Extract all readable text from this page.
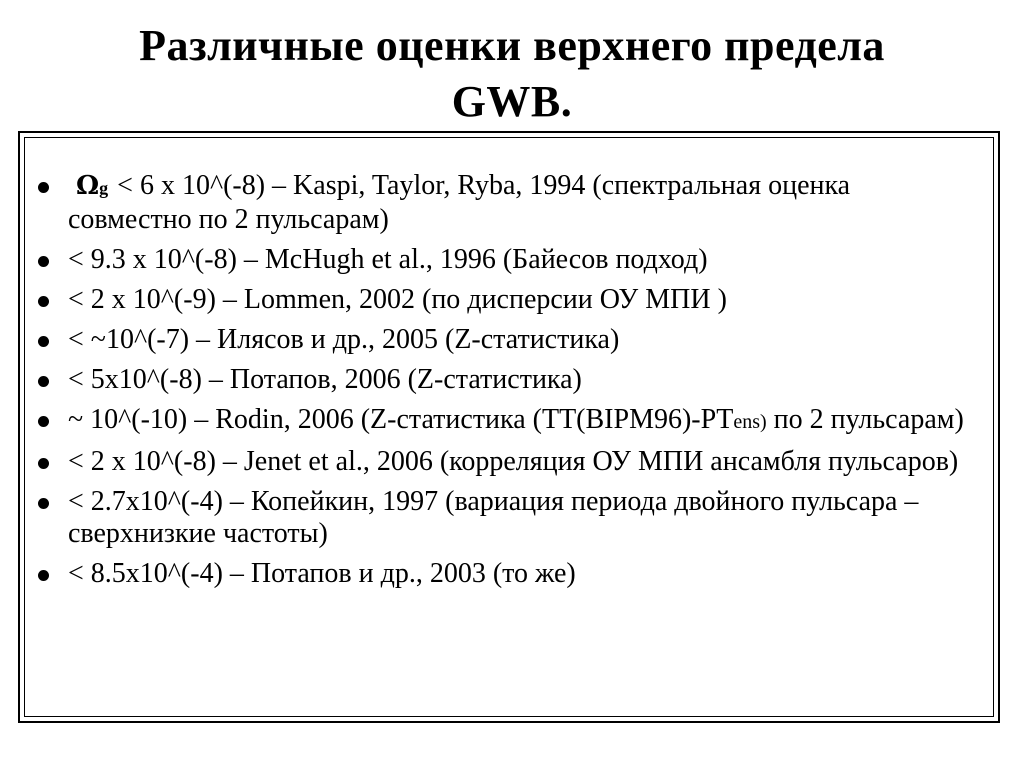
Различные оценки верхнего предела
GWB.
Ωg < 6 х 10^(-8) – Kaspi, Taylor, Ryba, 1994 (спектральная оценка совместно по 2 пульсарам)
< 9.3 х 10^(-8) – McHugh et al., 1996 (Байесов подход)
< 2 х 10^(-9) – Lommen, 2002 (по дисперсии ОУ МПИ )
< ~10^(-7) – Илясов и др., 2005 (Z-статистика)
< 5х10^(-8) – Потапов, 2006 (Z-статистика)
~ 10^(-10) – Rodin, 2006 (Z-статистика (TT(BIPM96)-PTens) по 2 пульсарам)
< 2 х 10^(-8) – Jenet et al., 2006 (корреляция ОУ МПИ ансамбля пульсаров)
< 2.7х10^(-4) – Копейкин, 1997 (вариация периода двойного пульсара – сверхнизкие частоты)
< 8.5х10^(-4) – Потапов и др., 2003 (то же)
